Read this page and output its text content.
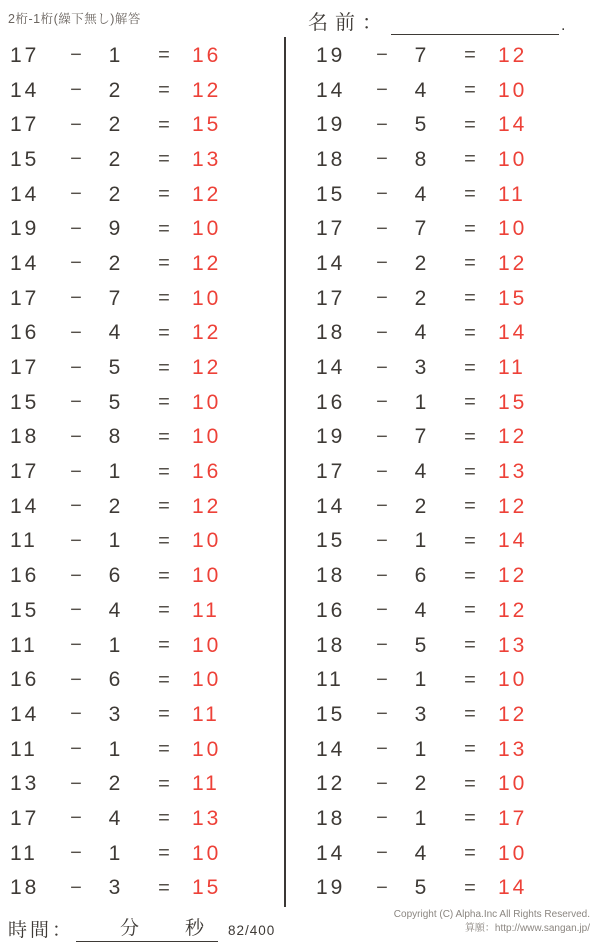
2桁-1桁(繰下無し)解答	名前：	.
17	−	1	=	16
14	−	2	=	12
17	−	2	=	15
15	−	2	=	13
14	−	2	=	12
19	−	9	=	10
14	−	2	=	12
17	−	7	=	10
16	−	4	=	12
17	−	5	=	12
15	−	5	=	10
18	−	8	=	10
17	−	1	=	16
14	−	2	=	12
11	−	1	=	10
16	−	6	=	10
15	−	4	=	11
11	−	1	=	10
16	−	6	=	10
14	−	3	=	11
11	−	1	=	10
13	−	2	=	11
17	−	4	=	13
11	−	1	=	10
18	−	3	=	15
19	−	7	=	12
14	−	4	=	10
19	−	5	=	14
18	−	8	=	10
15	−	4	=	11
17	−	7	=	10
14	−	2	=	12
17	−	2	=	15
18	−	4	=	14
14	−	3	=	11
16	−	1	=	15
19	−	7	=	12
17	−	4	=	13
14	−	2	=	12
15	−	1	=	14
18	−	6	=	12
16	−	4	=	12
18	−	5	=	13
11	−	1	=	10
15	−	3	=	12
14	−	1	=	13
12	−	2	=	10
18	−	1	=	17
14	−	4	=	10
19	−	5	=	14
時間： 分 秒 82/400
Copyright (C) Alpha.Inc All Rights Reserved.
算願：http://www.sangan.jp/
